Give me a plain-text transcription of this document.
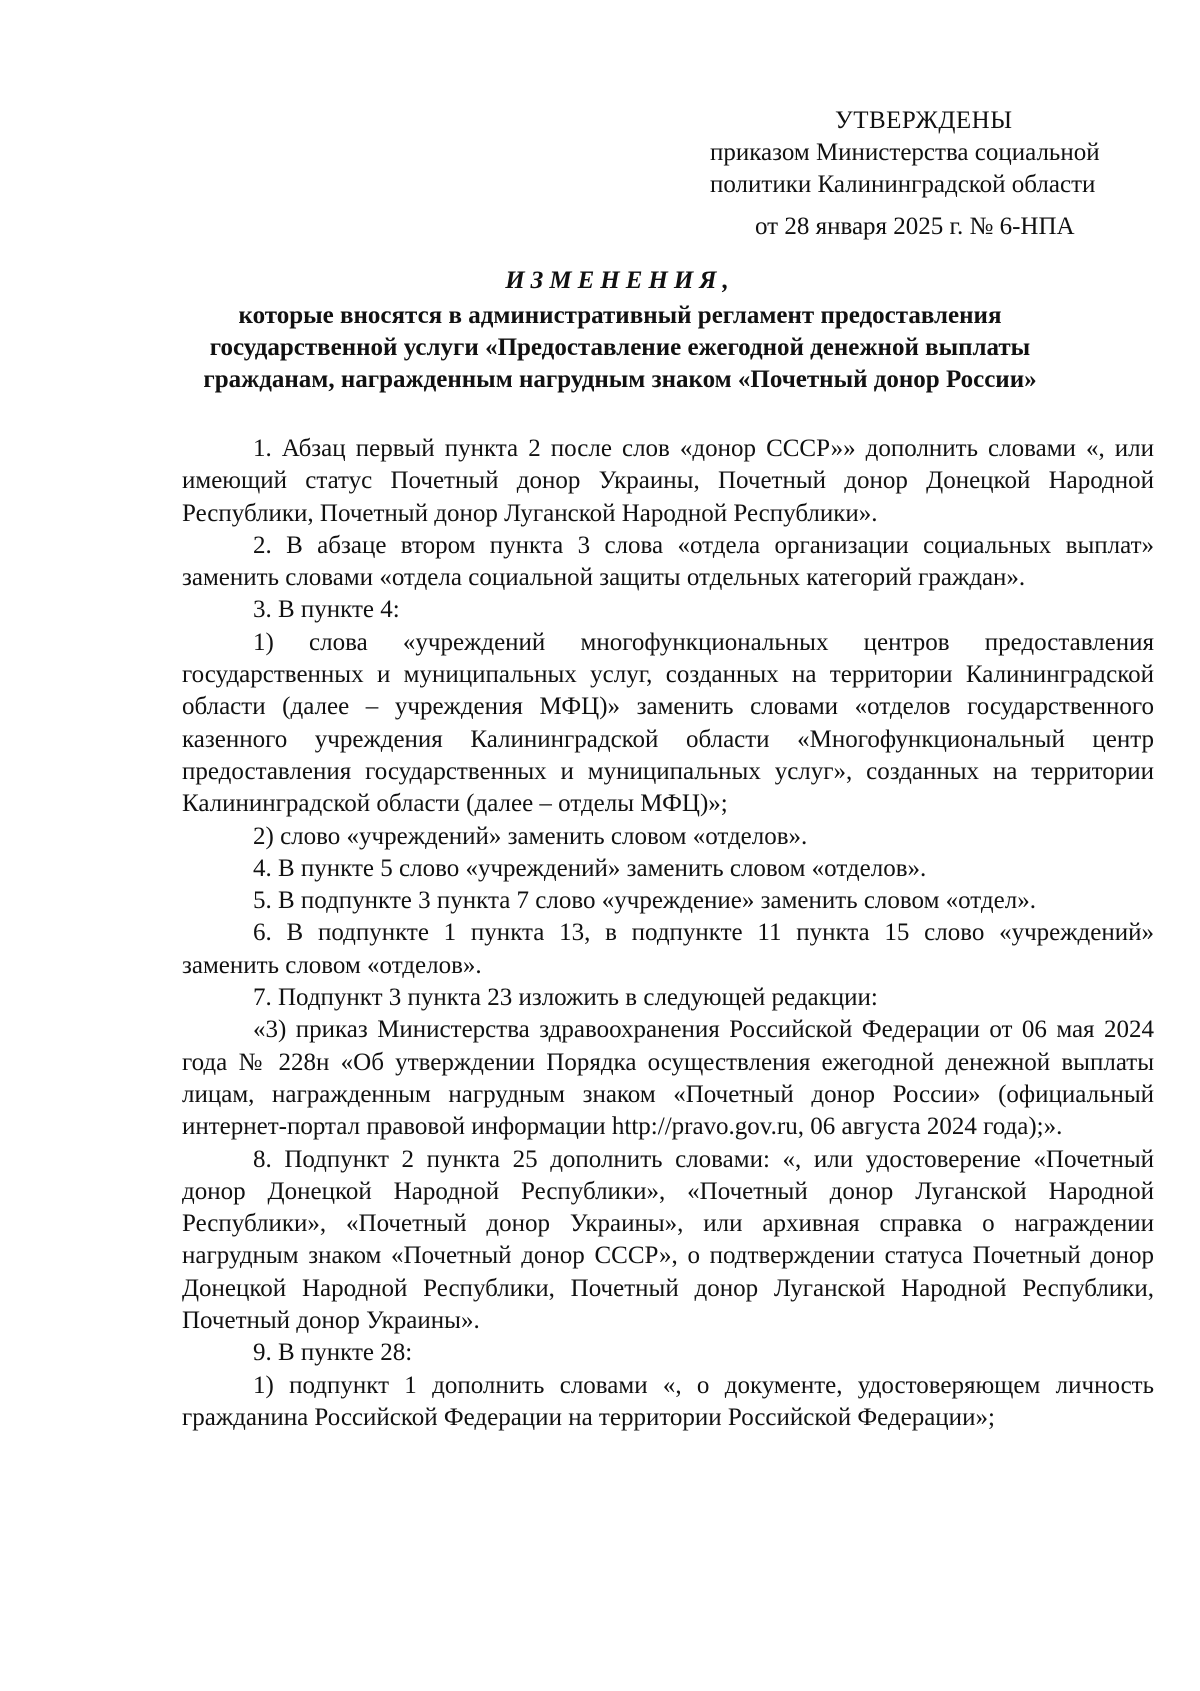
УТВЕРЖДЕНЫ
приказом Министерства социальной
политики Калининградской области
от 28 января 2025 г. № 6-НПА
ИЗМЕНЕНИЯ,
которые вносятся в административный регламент предоставления
государственной услуги «Предоставление ежегодной денежной выплаты
гражданам, награжденным нагрудным знаком «Почетный донор России»

1. Абзац первый пункта 2 после слов «донор СССР»» дополнить словами «, или имеющий статус Почетный донор Украины, Почетный донор Донецкой Народной Республики, Почетный донор Луганской Народной Республики».

2. В абзаце втором пункта 3 слова «отдела организации социальных выплат» заменить словами «отдела социальной защиты отдельных категорий граждан».

3. В пункте 4:

1) слова «учреждений многофункциональных центров предоставления государственных и муниципальных услуг, созданных на территории Калининградской области (далее – учреждения МФЦ)» заменить словами «отделов государственного казенного учреждения Калининградской области «Многофункциональный центр предоставления государственных и муниципальных услуг», созданных на территории Калининградской области (далее – отделы МФЦ)»;

2) слово «учреждений» заменить словом «отделов».

4. В пункте 5 слово «учреждений» заменить словом «отделов».

5. В подпункте 3 пункта 7 слово «учреждение» заменить словом «отдел».

6. В подпункте 1 пункта 13, в подпункте 11 пункта 15 слово «учреждений» заменить словом «отделов».

7. Подпункт 3 пункта 23 изложить в следующей редакции:

«3) приказ Министерства здравоохранения Российской Федерации от 06 мая 2024 года № 228н «Об утверждении Порядка осуществления ежегодной денежной выплаты лицам, награжденным нагрудным знаком «Почетный донор России» (официальный интернет-портал правовой информации http://pravo.gov.ru, 06 августа 2024 года);».

8. Подпункт 2 пункта 25 дополнить словами: «, или удостоверение «Почетный донор Донецкой Народной Республики», «Почетный донор Луганской Народной Республики», «Почетный донор Украины», или архивная справка о награждении нагрудным знаком «Почетный донор СССР», о подтверждении статуса Почетный донор Донецкой Народной Республики, Почетный донор Луганской Народной Республики, Почетный донор Украины».

9. В пункте 28:

1) подпункт 1 дополнить словами «, о документе, удостоверяющем личность гражданина Российской Федерации на территории Российской Федерации»;
